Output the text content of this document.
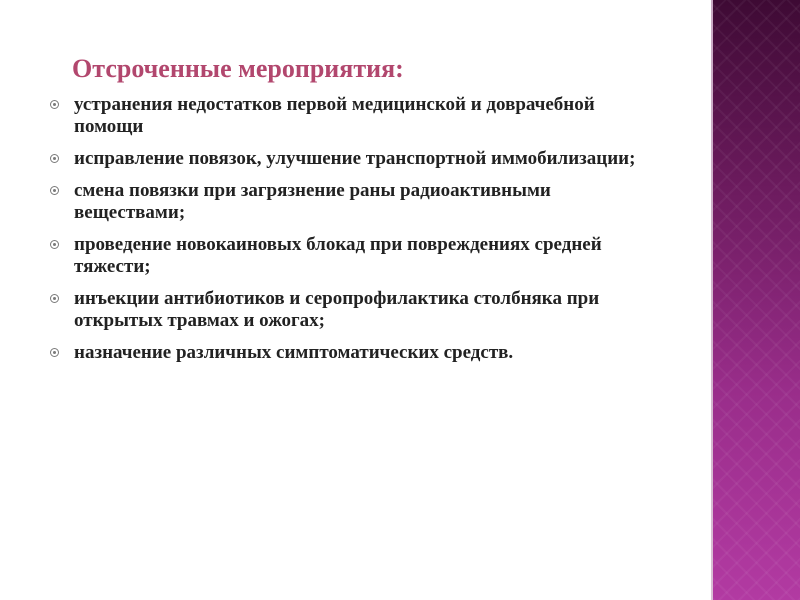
Отсроченные мероприятия:
устранения недостатков первой медицинской и доврачебной помощи
исправление повязок, улучшение транспортной иммобилизации;
смена повязки при загрязнение раны радиоактивными веществами;
проведение новокаиновых блокад при повреждениях средней тяжести;
инъекции антибиотиков и серопрофилактика столбняка при открытых травмах и ожогах;
назначение различных симптоматических средств.
